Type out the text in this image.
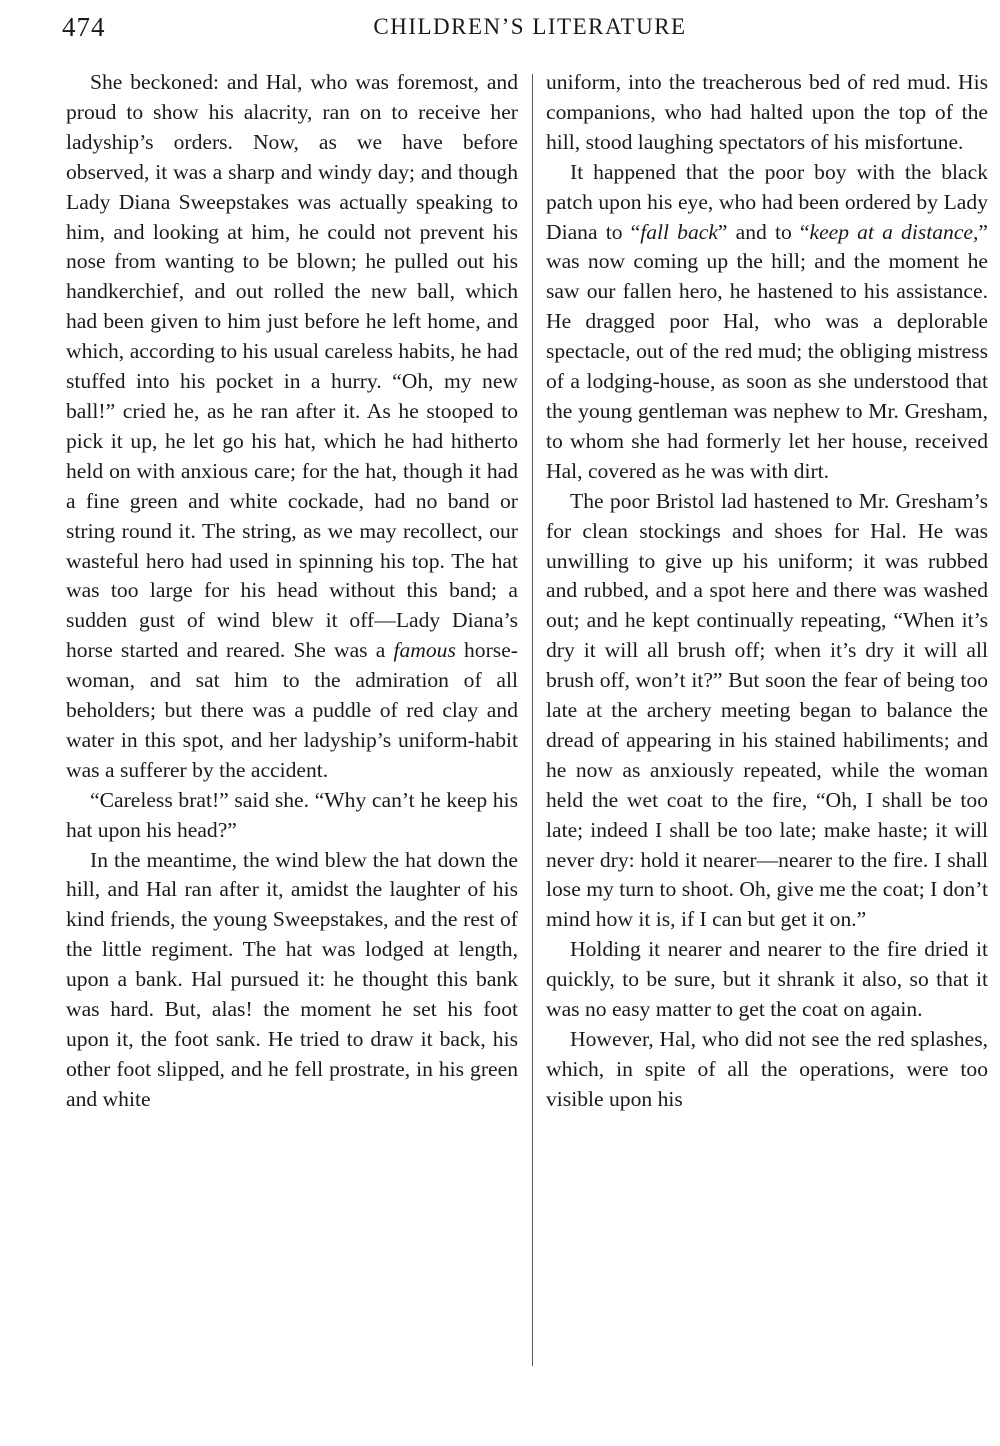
474	CHILDREN’S LITERATURE

She beckoned: and Hal, who was foremost, and proud to show his alacrity, ran on to receive her ladyship’s orders. Now, as we have before observed, it was a sharp and windy day; and though Lady Diana Sweepstakes was actually speaking to him, and looking at him, he could not prevent his nose from wanting to be blown; he pulled out his handkerchief, and out rolled the new ball, which had been given to him just before he left home, and which, according to his usual careless habits, he had stuffed into his pocket in a hurry. “Oh, my new ball!” cried he, as he ran after it. As he stooped to pick it up, he let go his hat, which he had hitherto held on with anxious care; for the hat, though it had a fine green and white cockade, had no band or string round it. The string, as we may recollect, our wasteful hero had used in spinning his top. The hat was too large for his head without this band; a sudden gust of wind blew it off—Lady Diana’s horse started and reared. She was a famous horse-woman, and sat him to the admiration of all beholders; but there was a puddle of red clay and water in this spot, and her ladyship’s uniform-habit was a sufferer by the accident.

“Careless brat!” said she. “Why can’t he keep his hat upon his head?”

In the meantime, the wind blew the hat down the hill, and Hal ran after it, amidst the laughter of his kind friends, the young Sweepstakes, and the rest of the little regiment. The hat was lodged at length, upon a bank. Hal pursued it: he thought this bank was hard. But, alas! the moment he set his foot upon it, the foot sank. He tried to draw it back, his other foot slipped, and he fell prostrate, in his green and white

uniform, into the treacherous bed of red mud. His companions, who had halted upon the top of the hill, stood laughing spectators of his misfortune.

It happened that the poor boy with the black patch upon his eye, who had been ordered by Lady Diana to “fall back” and to “keep at a distance,” was now coming up the hill; and the moment he saw our fallen hero, he hastened to his assistance. He dragged poor Hal, who was a deplorable spectacle, out of the red mud; the obliging mistress of a lodging-house, as soon as she understood that the young gentleman was nephew to Mr. Gresham, to whom she had formerly let her house, received Hal, covered as he was with dirt.

The poor Bristol lad hastened to Mr. Gresham’s for clean stockings and shoes for Hal. He was unwilling to give up his uniform; it was rubbed and rubbed, and a spot here and there was washed out; and he kept continually repeating, “When it’s dry it will all brush off; when it’s dry it will all brush off, won’t it?” But soon the fear of being too late at the archery meeting began to balance the dread of appearing in his stained habiliments; and he now as anxiously repeated, while the woman held the wet coat to the fire, “Oh, I shall be too late; indeed I shall be too late; make haste; it will never dry: hold it nearer—nearer to the fire. I shall lose my turn to shoot. Oh, give me the coat; I don’t mind how it is, if I can but get it on.”

Holding it nearer and nearer to the fire dried it quickly, to be sure, but it shrank it also, so that it was no easy matter to get the coat on again.

However, Hal, who did not see the red splashes, which, in spite of all the operations, were too visible upon his
